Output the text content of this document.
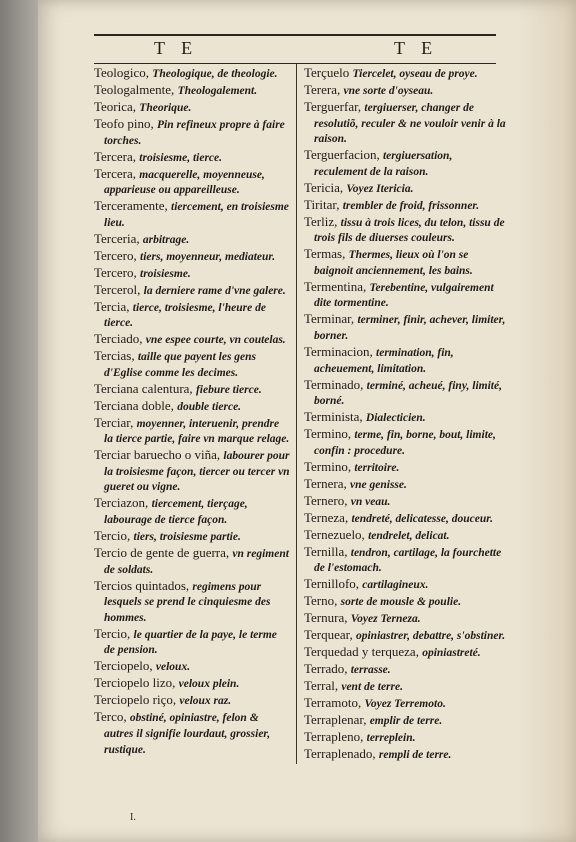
T E	T E
Teologico, Theologique, de theologie.
Teologalmente, Theologalement.
Teorica, Theorique.
Teofo pino, Pin refineux propre à faire torches.
Tercera, troisiesme, tierce.
Tercera, macquerelle, moyenneuse, apparieuse ou appareilleuse.
Terceramente, tiercement, en troisiesme lieu.
Terceria, arbitrage.
Tercero, tiers, moyenneur, mediateur.
Tercero, troisiesme.
Tercerol, la derniere rame d'vne galere.
Tercia, tierce, troisiesme, l'heure de tierce.
Terciado, vne espee courte, vn coutelas.
Tercias, taille que payent les gens d'Eglise comme les decimes.
Terciana calentura, fiebure tierce.
Terciana doble, double tierce.
Terciar, moyenner, interuenir, prendre la tierce partie, faire vn marque relage.
Terciar baruecho o viña, labourer pour la troisiesme façon, tiercer ou tercer vn gueret ou vigne.
Terciazon, tiercement, tierçage, labourage de tierce façon.
Tercio, tiers, troisiesme partie.
Tercio de gente de guerra, vn regiment de soldats.
Tercios quintados, regimens pour lesquels se prend le cinquiesme des hommes.
Tercio, le quartier de la paye, le terme de pension.
Terciopelo, veloux.
Terciopelo lizo, veloux plein.
Terciopelo riço, veloux raz.
Terco, obstiné, opiniastre, felon & autres il signifie lourdaut, grossier, rustique.
Terçuelo Tiercelet, oyseau de proye.
Terera, vne sorte d'oyseau.
Terguerfar, tergiuerser, changer de resolutiõ, reculer & ne vouloir venir à la raison.
Terguerfacion, tergiuersation, reculement de la raison.
Tericia, Voyez Itericia.
Tiritar, trembler de froid, frissonner.
Terliz, tissu à trois lices, du telon, tissu de trois fils de diuerses couleurs.
Termas, Thermes, lieux où l'on se baignoit anciennement, les bains.
Termentina, Terebentine, vulgairement dite tormentine.
Terminar, terminer, finir, achever, limiter, borner.
Terminacion, termination, fin, acheuement, limitation.
Terminado, terminé, acheué, finy, limité, borné.
Terminista, Dialecticien.
Termino, terme, fin, borne, bout, limite, confin : procedure.
Termino, territoire.
Ternera, vne genisse.
Ternero, vn veau.
Terneza, tendreté, delicatesse, douceur.
Ternezuelo, tendrelet, delicat.
Ternilla, tendron, cartilage, la fourchette de l'estomach.
Ternillofo, cartilagineux.
Terno, sorte de mousle & poulie.
Ternura, Voyez Terneza.
Terquear, opiniastrer, debattre, s'obstiner.
Terquedad y terqueza, opiniastreté.
Terrado, terrasse.
Terral, vent de terre.
Terramoto, Voyez Terremoto.
Terraplenar, emplir de terre.
Terrapleno, terreplein.
Terraplenado, rempli de terre.
I.
